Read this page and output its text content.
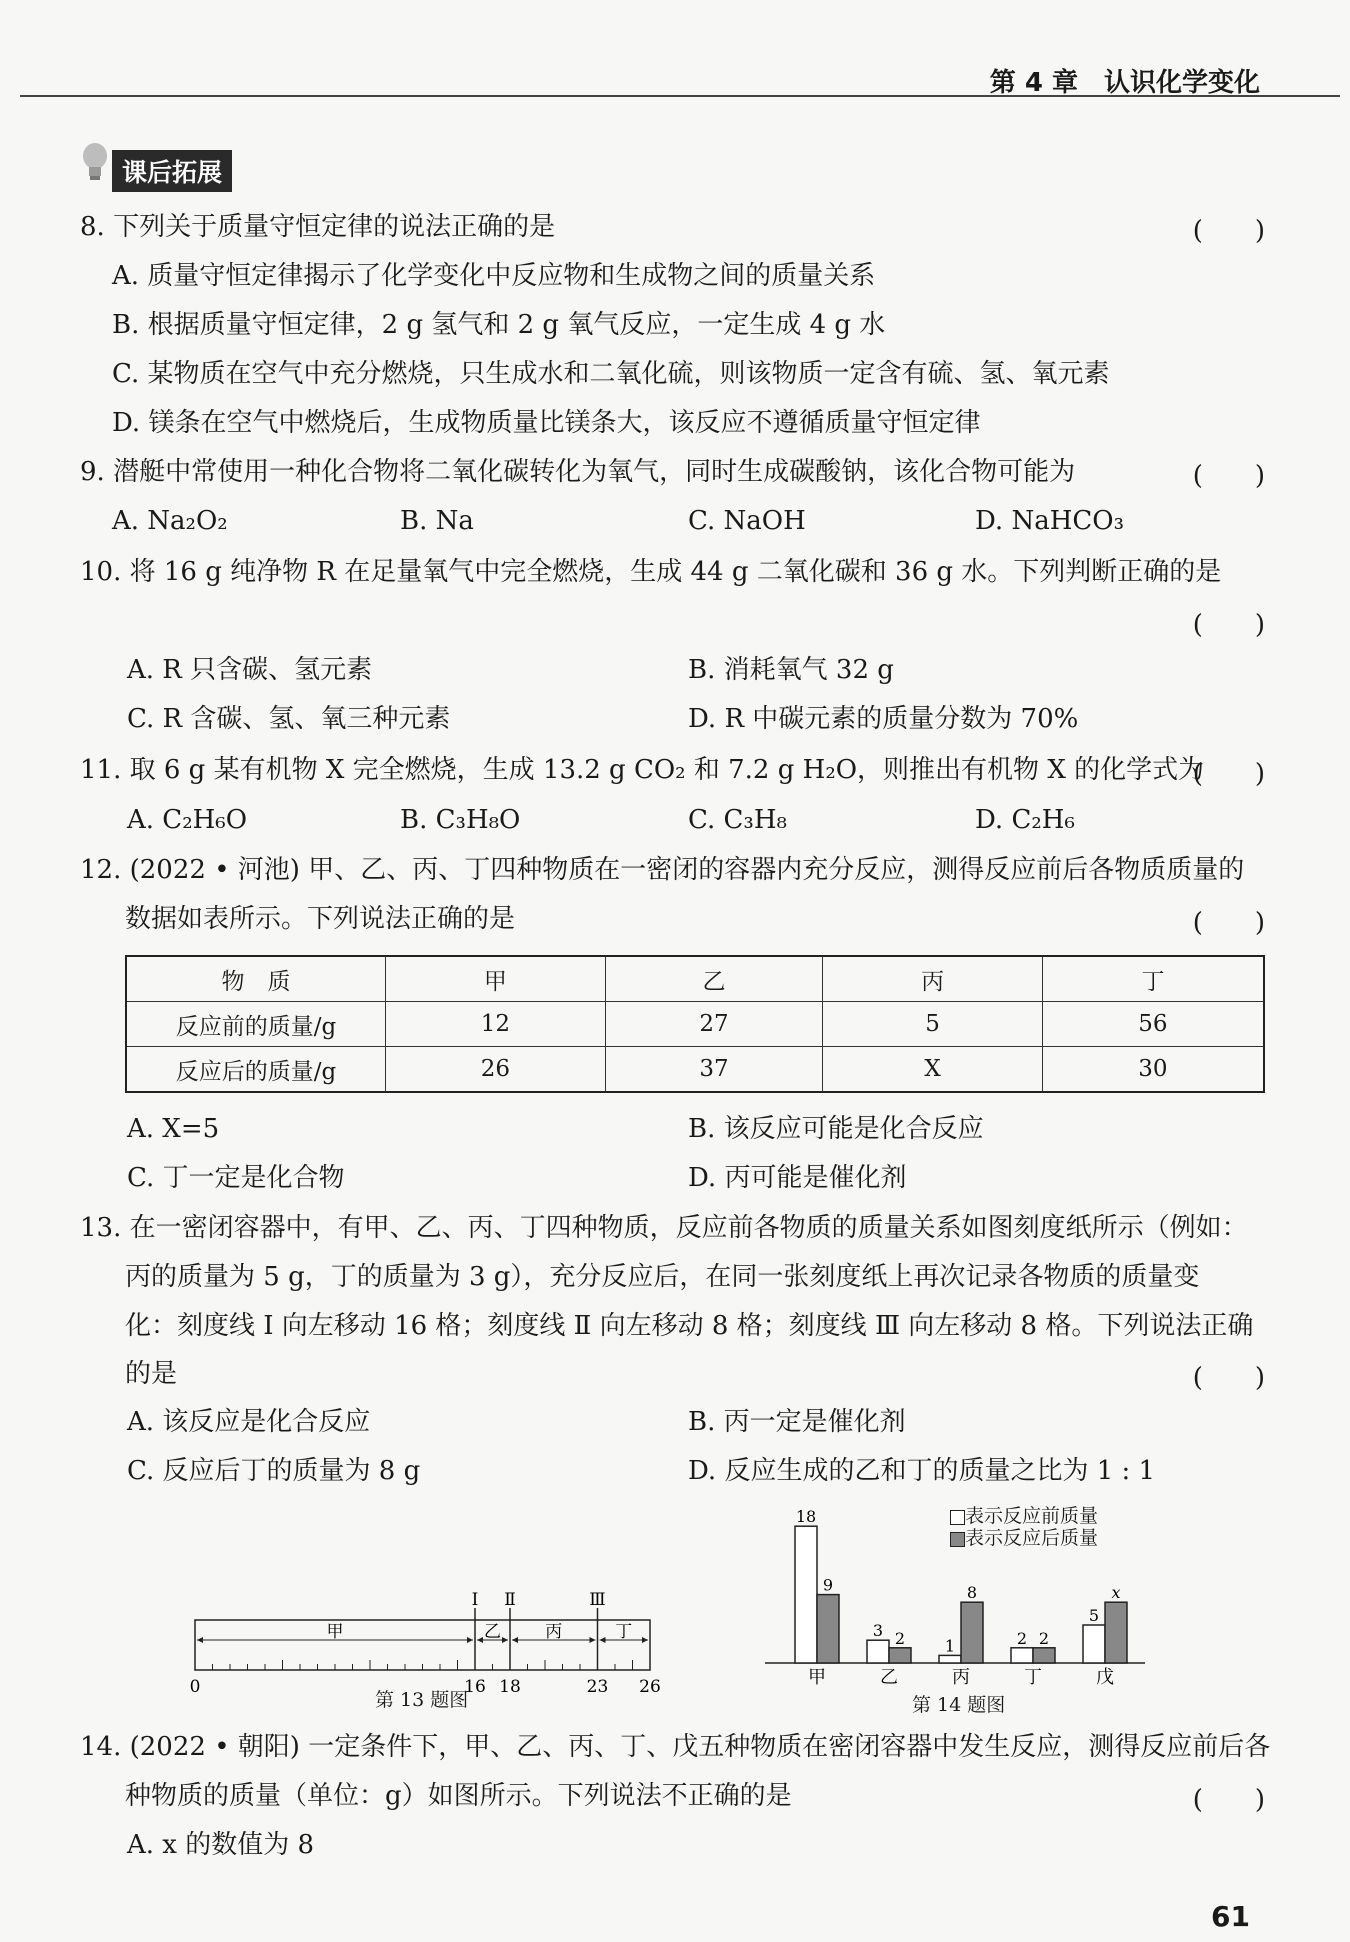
第 4 章　认识化学变化
课后拓展
8. 下列关于质量守恒定律的说法正确的是	(　　)
A. 质量守恒定律揭示了化学变化中反应物和生成物之间的质量关系
B. 根据质量守恒定律，2 g 氢气和 2 g 氧气反应，一定生成 4 g 水
C. 某物质在空气中充分燃烧，只生成水和二氧化硫，则该物质一定含有硫、氢、氧元素
D. 镁条在空气中燃烧后，生成物质量比镁条大，该反应不遵循质量守恒定律
9. 潜艇中常使用一种化合物将二氧化碳转化为氧气，同时生成碳酸钠，该化合物可能为	(　　)
A. Na₂O₂	B. Na	C. NaOH	D. NaHCO₃
10. 将 16 g 纯净物 R 在足量氧气中完全燃烧，生成 44 g 二氧化碳和 36 g 水。下列判断正确的是
(　　)
A. R 只含碳、氢元素	B. 消耗氧气 32 g
C. R 含碳、氢、氧三种元素	D. R 中碳元素的质量分数为 70%
11. 取 6 g 某有机物 X 完全燃烧，生成 13.2 g CO₂ 和 7.2 g H₂O，则推出有机物 X 的化学式为
(　　)
A. C₂H₆O	B. C₃H₈O	C. C₃H₈	D. C₂H₆
12. (2022 • 河池) 甲、乙、丙、丁四种物质在一密闭的容器内充分反应，测得反应前后各物质质量的
数据如表所示。下列说法正确的是	(　　)
物　质	甲	乙	丙	丁
反应前的质量/g	12	27	5	56
反应后的质量/g	26	37	X	30
A. X=5	B. 该反应可能是化合反应
C. 丁一定是化合物	D. 丙可能是催化剂
13. 在一密闭容器中，有甲、乙、丙、丁四种物质，反应前各物质的质量关系如图刻度纸所示（例如：
丙的质量为 5 g，丁的质量为 3 g），充分反应后，在同一张刻度纸上再次记录各物质的质量变
化：刻度线 Ⅰ 向左移动 16 格；刻度线 Ⅱ 向左移动 8 格；刻度线 Ⅲ 向左移动 8 格。下列说法正确
的是	(　　)
A. 该反应是化合反应	B. 丙一定是催化剂
C. 反应后丁的质量为 8 g	D. 反应生成的乙和丁的质量之比为 1 : 1
甲	乙	丙	丁
Ⅰ Ⅱ	Ⅲ
0	16 18	23 26
第 13 题图
18
9
甲
3 2
乙
1
8
丙
2 2
丁
5
x
戊
表示反应前质量
表示反应后质量
第 14 题图
14. (2022 • 朝阳) 一定条件下，甲、乙、丙、丁、戊五种物质在密闭容器中发生反应，测得反应前后各
种物质的质量（单位：g）如图所示。下列说法不正确的是	(　　)
A. x 的数值为 8
61
